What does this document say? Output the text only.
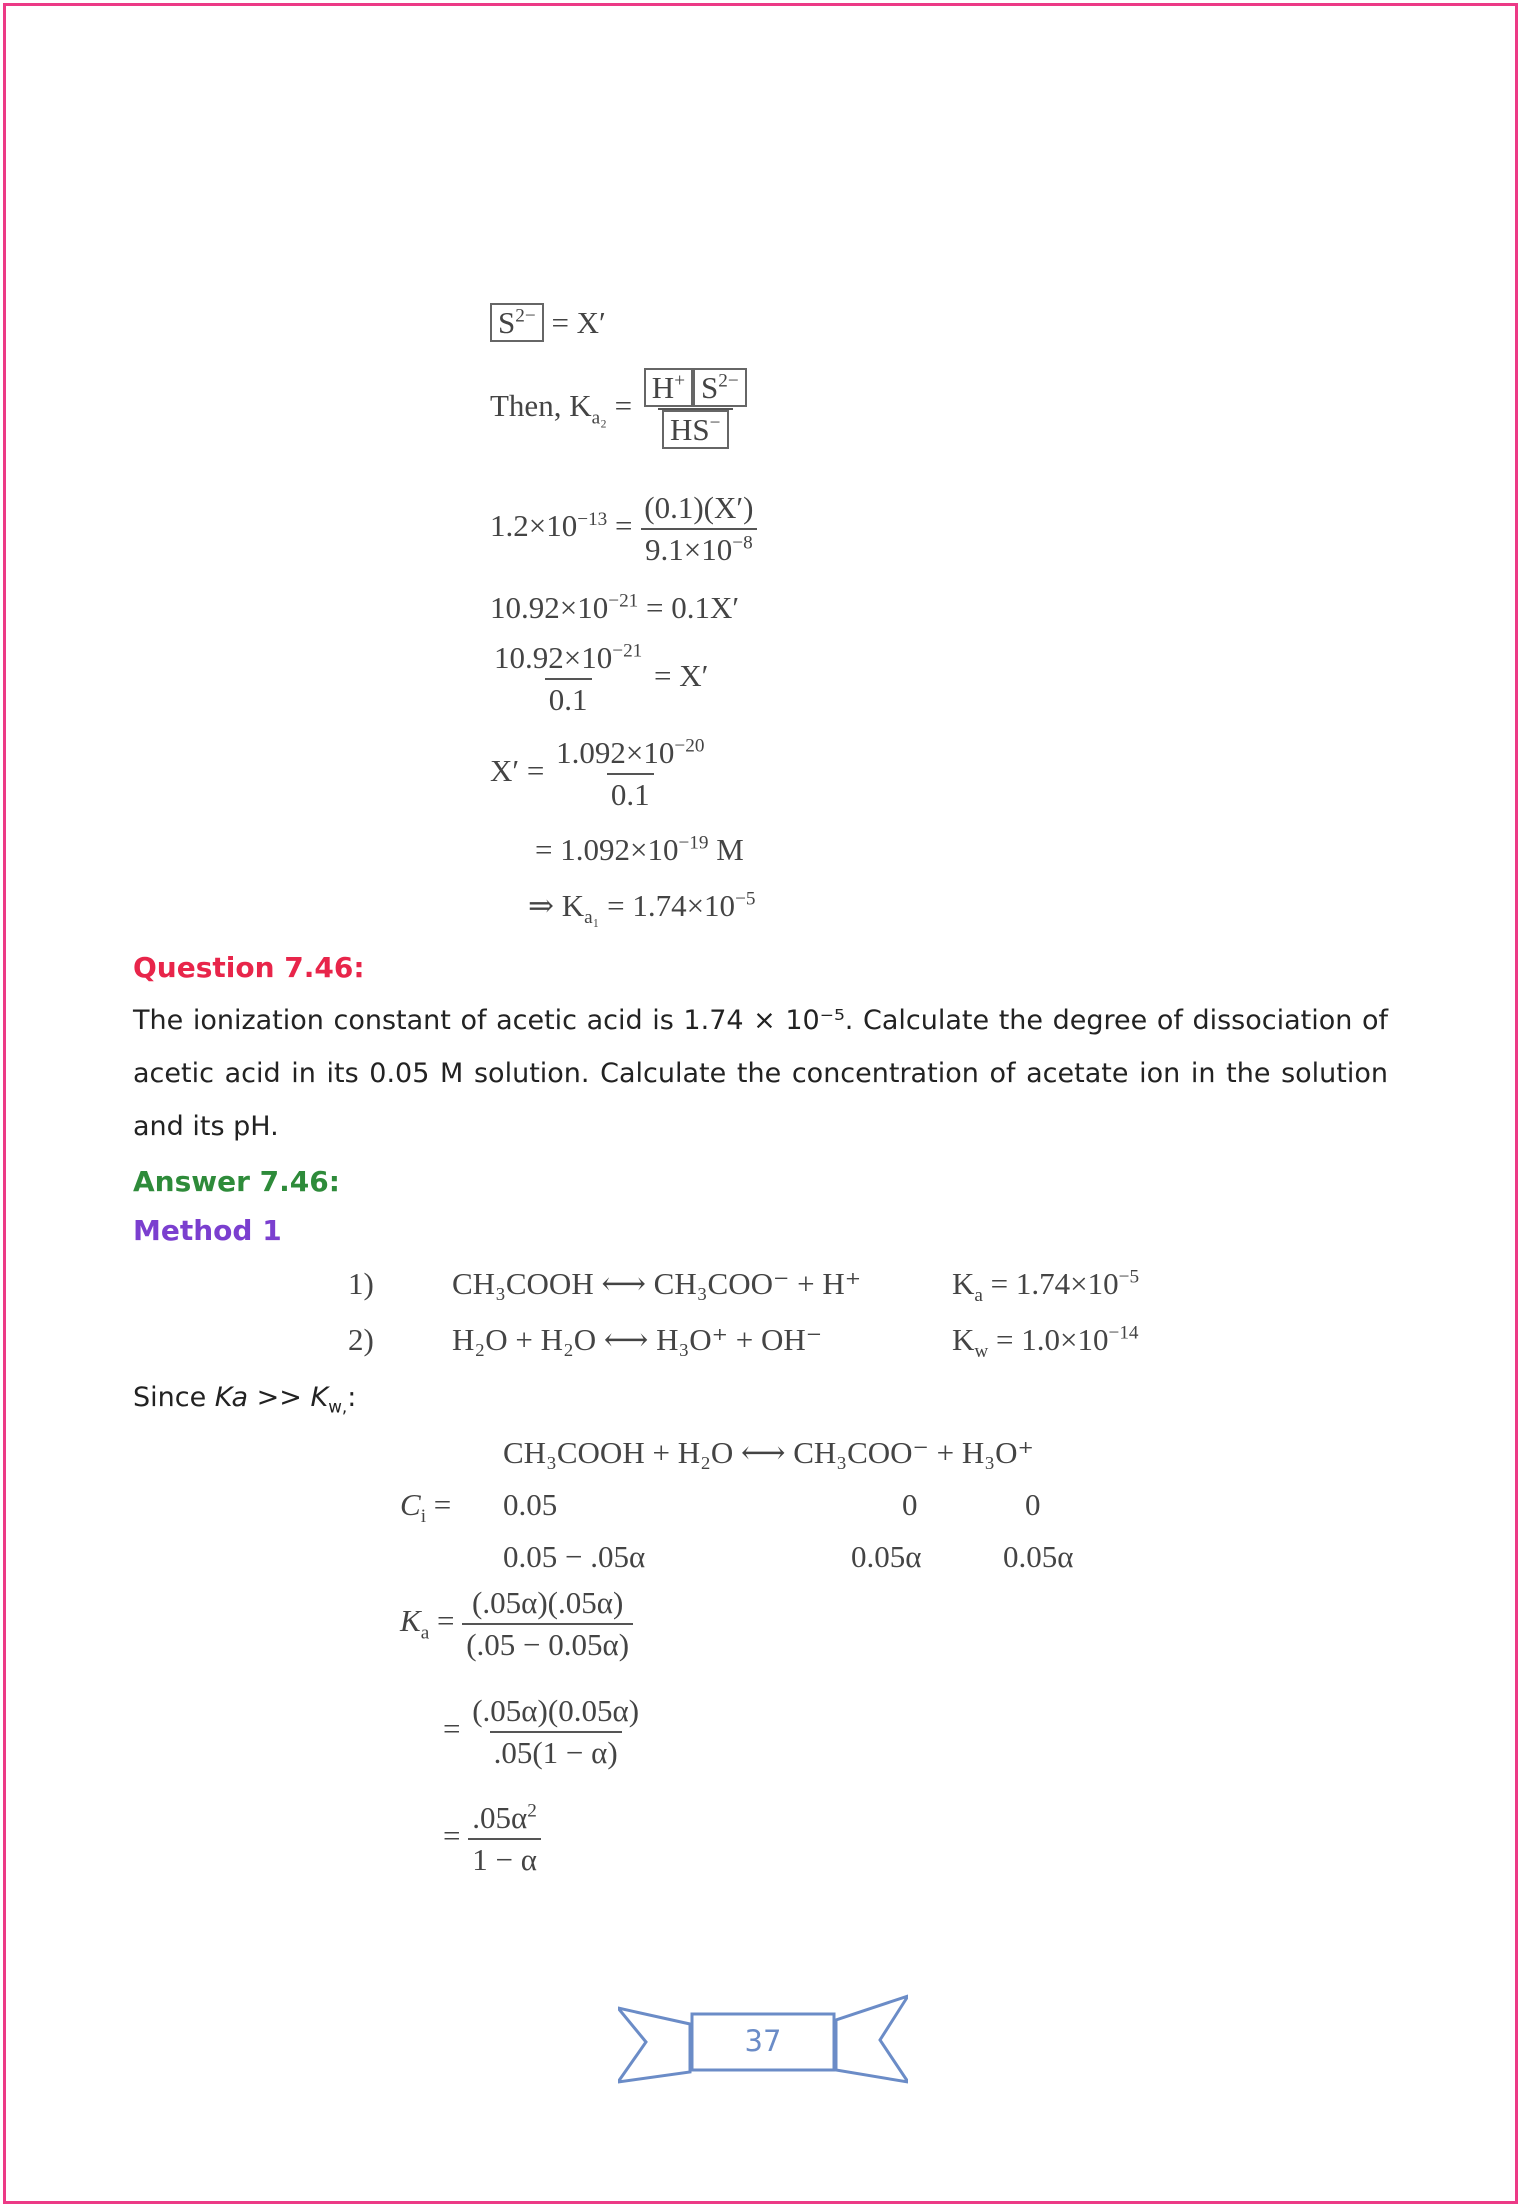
$S^{2-} = X'$
Then, $K_{a_2} = \frac{H^+ S^{2-}}{HS^-}$
$1.2\times 10^{-13} = \frac{(0.1)(X')}{9.1\times 10^{-8}}$
$10.92\times 10^{-21} = 0.1X'$
$\frac{10.92\times 10^{-21}}{0.1} = X'$
$X' = \frac{1.092\times 10^{-20}}{0.1}$
= $1.092\times 10^{-19}$ M
⇒ $K_{a_1} = 1.74\times 10^{-5}$
Question 7.46:
The ionization constant of acetic acid is 1.74 × 10⁻⁵. Calculate the degree of dissociation of acetic acid in its 0.05 M solution. Calculate the concentration of acetate ion in the solution and its pH.
Answer 7.46:
Method 1
1)	CH₃COOH ⟷ CH₃COO⁻ + H⁺	$K_a = 1.74\times 10^{-5}$
2)	H₂O + H₂O ⟷ H₃O⁺ + OH⁻	$K_w = 1.0\times 10^{-14}$
Since $Ka >> K_{w,}$:
CH₃COOH + H₂O ⟷ CH₃COO⁻ + H₃O⁺
$C_i = 0.05$	0	0
0.05 − .05α	0.05α	0.05α
$K_a = \frac{(.05\alpha)(.05\alpha)}{(.05 - 0.05\alpha)}$
= $\frac{(.05\alpha)(0.05\alpha)}{.05(1 - \alpha)}$
= $\frac{.05\alpha^2}{1 - \alpha}$
37
